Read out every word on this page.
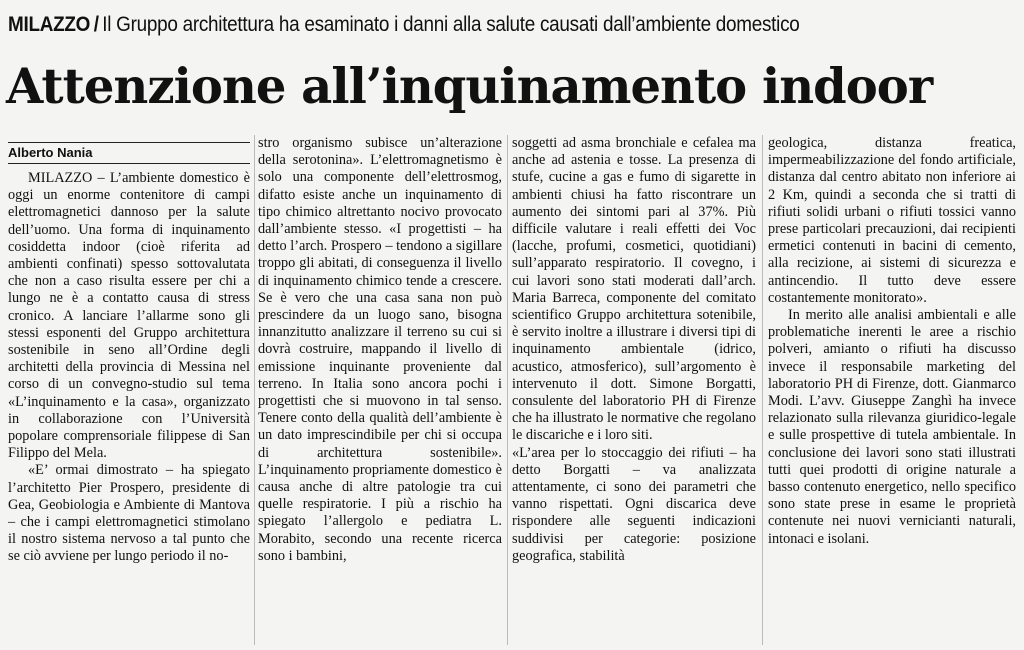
MILAZZO / Il Gruppo architettura ha esaminato i danni alla salute causati dall’ambiente domestico
Attenzione all’inquinamento indoor
Alberto Nania

MILAZZO – L’ambiente domestico è oggi un enorme contenitore di campi elettromagnetici dannoso per la salute dell’uomo. Una forma di inquinamento cosiddetta indoor (cioè riferita ad ambienti confinati) spesso sottovalutata che non a caso risulta essere per chi a lungo ne è a contatto causa di stress cronico. A lanciare l’allarme sono gli stessi esponenti del Gruppo architettura sostenibile in seno all’Ordine degli architetti della provincia di Messina nel corso di un convegno-studio sul tema «L’inquinamento e la casa», organizzato in collaborazione con l’Università popolare comprensoriale filippese di San Filippo del Mela.

«E’ ormai dimostrato – ha spiegato l’architetto Pier Prospero, presidente di Gea, Geobiologia e Ambiente di Mantova – che i campi elettromagnetici stimolano il nostro sistema nervoso a tal punto che se ciò avviene per lungo periodo il no-

stro organismo subisce un’alterazione della serotonina». L’elettromagnetismo è solo una componente dell’elettrosmog, difatto esiste anche un inquinamento di tipo chimico altrettanto nocivo provocato dall’ambiente stesso. «I progettisti – ha detto l’arch. Prospero – tendono a sigillare troppo gli abitati, di conseguenza il livello di inquinamento chimico tende a crescere. Se è vero che una casa sana non può prescindere da un luogo sano, bisogna innanzitutto analizzare il terreno su cui si dovrà costruire, mappando il livello di emissione inquinante proveniente dal terreno. In Italia sono ancora pochi i progettisti che si muovono in tal senso. Tenere conto della qualità dell’ambiente è un dato imprescindibile per chi si occupa di architettura sostenibile». L’inquinamento propriamente domestico è causa anche di altre patologie tra cui quelle respiratorie. I più a rischio ha spiegato l’allergolo e pediatra L. Morabito, secondo una recente ricerca sono i bambini,

soggetti ad asma bronchiale e cefalea ma anche ad astenia e tosse. La presenza di stufe, cucine a gas e fumo di sigarette in ambienti chiusi ha fatto riscontrare un aumento dei sintomi pari al 37%. Più difficile valutare i reali effetti dei Voc (lacche, profumi, cosmetici, quotidiani) sull’apparato respiratorio. Il covegno, i cui lavori sono stati moderati dall’arch. Maria Barreca, componente del comitato scientifico Gruppo architettura sotenibile, è servito inoltre a illustrare i diversi tipi di inquinamento ambientale (idrico, acustico, atmosferico), sull’argomento è intervenuto il dott. Simone Borgatti, consulente del laboratorio PH di Firenze che ha illustrato le normative che regolano le discariche e i loro siti.

«L’area per lo stoccaggio dei rifiuti – ha detto Borgatti – va analizzata attentamente, ci sono dei parametri che vanno rispettati. Ogni discarica deve rispondere alle seguenti indicazioni suddivisi per categorie: posizione geografica, stabilità

geologica, distanza freatica, impermeabilizzazione del fondo artificiale, distanza dal centro abitato non inferiore ai 2 Km, quindi a seconda che si tratti di rifiuti solidi urbani o rifiuti tossici vanno prese particolari precauzioni, dai recipienti ermetici contenuti in bacini di cemento, alla recizione, ai sistemi di sicurezza e antincendio. Il tutto deve essere costantemente monitorato».

In merito alle analisi ambientali e alle problematiche inerenti le aree a rischio polveri, amianto o rifiuti ha discusso invece il responsabile marketing del laboratorio PH di Firenze, dott. Gianmarco Modi. L’avv. Giuseppe Zanghì ha invece relazionato sulla rilevanza giuridico-legale e sulle prospettive di tutela ambientale. In conclusione dei lavori sono stati illustrati tutti quei prodotti di origine naturale a basso contenuto energetico, nello specifico sono state prese in esame le proprietà contenute nei nuovi vernicianti naturali, intonaci e isolani.
